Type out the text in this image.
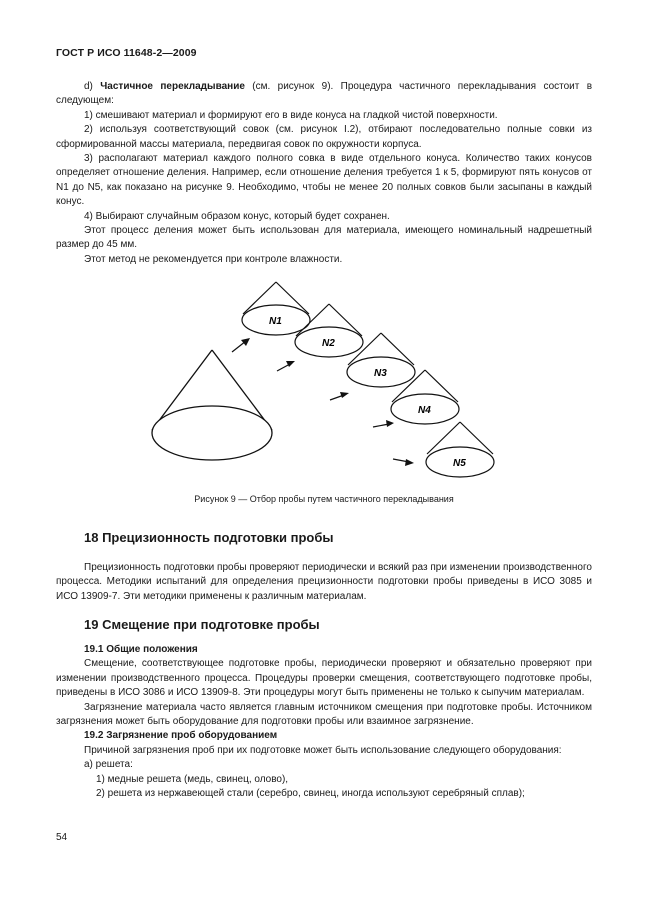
ГОСТ Р ИСО 11648-2—2009

d) Частичное перекладывание (см. рисунок 9). Процедура частичного перекладывания состоит в следующем:

1) смешивают материал и формируют его в виде конуса на гладкой чистой поверхности.

2) используя соответствующий совок (см. рисунок I.2), отбирают последовательно полные совки из сформированной массы материала, передвигая совок по окружности корпуса.

3) располагают материал каждого полного совка в виде отдельного конуса. Количество таких конусов определяет отношение деления. Например, если отношение деления требуется 1 к 5, формируют пять конусов от N1 до N5, как показано на рисунке 9. Необходимо, чтобы не менее 20 полных совков были засыпаны в каждый конус.

4) Выбирают случайным образом конус, который будет сохранен.

Этот процесс деления может быть использован для материала, имеющего номинальный надрешетный размер до 45 мм.

Этот метод не рекомендуется при контроле влажности.

N1
N2
N3
N4
N5
Рисунок 9 — Отбор пробы путем частичного перекладывания
18 Прецизионность подготовки пробы

Прецизионность подготовки пробы проверяют периодически и всякий раз при изменении производственного процесса. Методики испытаний для определения прецизионности подготовки пробы приведены в ИСО 3085 и ИСО 13909-7. Эти методики применены к различным материалам.

19 Смещение при подготовке пробы

19.1 Общие положения

Смещение, соответствующее подготовке пробы, периодически проверяют и обязательно проверяют при изменении производственного процесса. Процедуры проверки смещения, соответствующего подготовке пробы, приведены в ИСО 3086 и ИСО 13909-8. Эти процедуры могут быть применены не только к сыпучим материалам.

Загрязнение материала часто является главным источником смещения при подготовке пробы. Источником загрязнения может быть оборудование для подготовки пробы или взаимное загрязнение.

19.2 Загрязнение проб оборудованием

Причиной загрязнения проб при их подготовке может быть использование следующего оборудования:

а) решета:

1) медные решета (медь, свинец, олово),

2) решета из нержавеющей стали (серебро, свинец, иногда используют серебряный сплав);

54
